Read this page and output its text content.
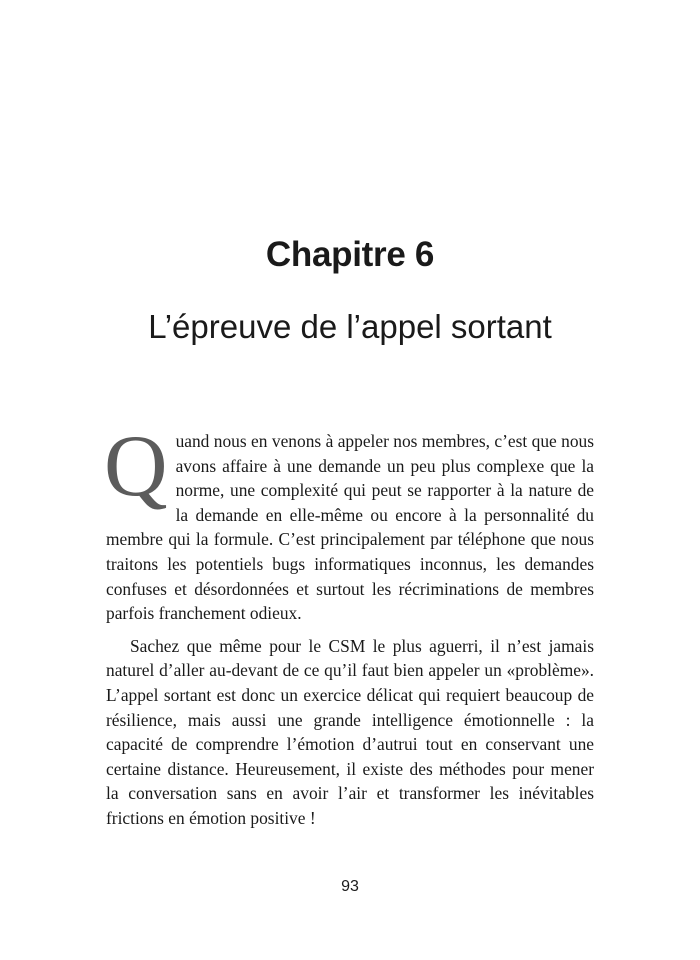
Chapitre 6
L’épreuve de l’appel sortant

Quand nous en venons à appeler nos membres, c’est que nous avons affaire à une demande un peu plus complexe que la norme, une complexité qui peut se rapporter à la nature de la demande en elle-même ou encore à la personnalité du membre qui la formule. C’est principalement par téléphone que nous traitons les potentiels bugs informatiques inconnus, les demandes confuses et désordonnées et surtout les récriminations de membres parfois franchement odieux.

Sachez que même pour le CSM le plus aguerri, il n’est jamais naturel d’aller au-devant de ce qu’il faut bien appeler un «problème». L’appel sortant est donc un exercice délicat qui requiert beaucoup de résilience, mais aussi une grande intelligence émotionnelle : la capacité de comprendre l’émotion d’autrui tout en conservant une certaine distance. Heureusement, il existe des méthodes pour mener la conversation sans en avoir l’air et transformer les inévitables frictions en émotion positive !

93
